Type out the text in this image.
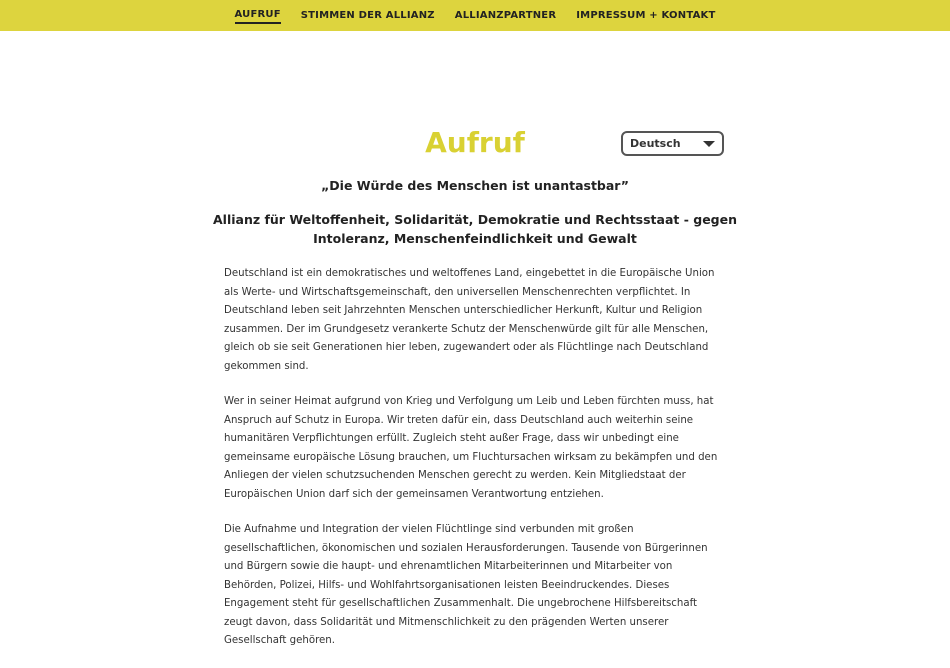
AUFRUF STIMMEN DER ALLIANZ ALLIANZPARTNER IMPRESSUM + KONTAKT
Aufruf	Deutsch
„Die Würde des Menschen ist unantastbar”
Allianz für Weltoffenheit, Solidarität, Demokratie und Rechtsstaat - gegen Intoleranz, Menschenfeindlichkeit und Gewalt

Deutschland ist ein demokratisches und weltoffenes Land, eingebettet in die Europäische Union als Werte- und Wirtschaftsgemeinschaft, den universellen Menschenrechten verpflichtet. In Deutschland leben seit Jahrzehnten Menschen unterschiedlicher Herkunft, Kultur und Religion zusammen. Der im Grundgesetz verankerte Schutz der Menschenwürde gilt für alle Menschen, gleich ob sie seit Generationen hier leben, zugewandert oder als Flüchtlinge nach Deutschland gekommen sind.

Wer in seiner Heimat aufgrund von Krieg und Verfolgung um Leib und Leben fürchten muss, hat Anspruch auf Schutz in Europa. Wir treten dafür ein, dass Deutschland auch weiterhin seine humanitären Verpflichtungen erfüllt. Zugleich steht außer Frage, dass wir unbedingt eine gemeinsame europäische Lösung brauchen, um Fluchtursachen wirksam zu bekämpfen und den Anliegen der vielen schutzsuchenden Menschen gerecht zu werden. Kein Mitgliedstaat der Europäischen Union darf sich der gemeinsamen Verantwortung entziehen.

Die Aufnahme und Integration der vielen Flüchtlinge sind verbunden mit großen gesellschaftlichen, ökonomischen und sozialen Herausforderungen. Tausende von Bürgerinnen und Bürgern sowie die haupt- und ehrenamtlichen Mitarbeiterinnen und Mitarbeiter von Behörden, Polizei, Hilfs- und Wohlfahrtsorganisationen leisten Beeindruckendes. Dieses Engagement steht für gesellschaftlichen Zusammenhalt. Die ungebrochene Hilfsbereitschaft zeugt davon, dass Solidarität und Mitmenschlichkeit zu den prägenden Werten unserer Gesellschaft gehören.
